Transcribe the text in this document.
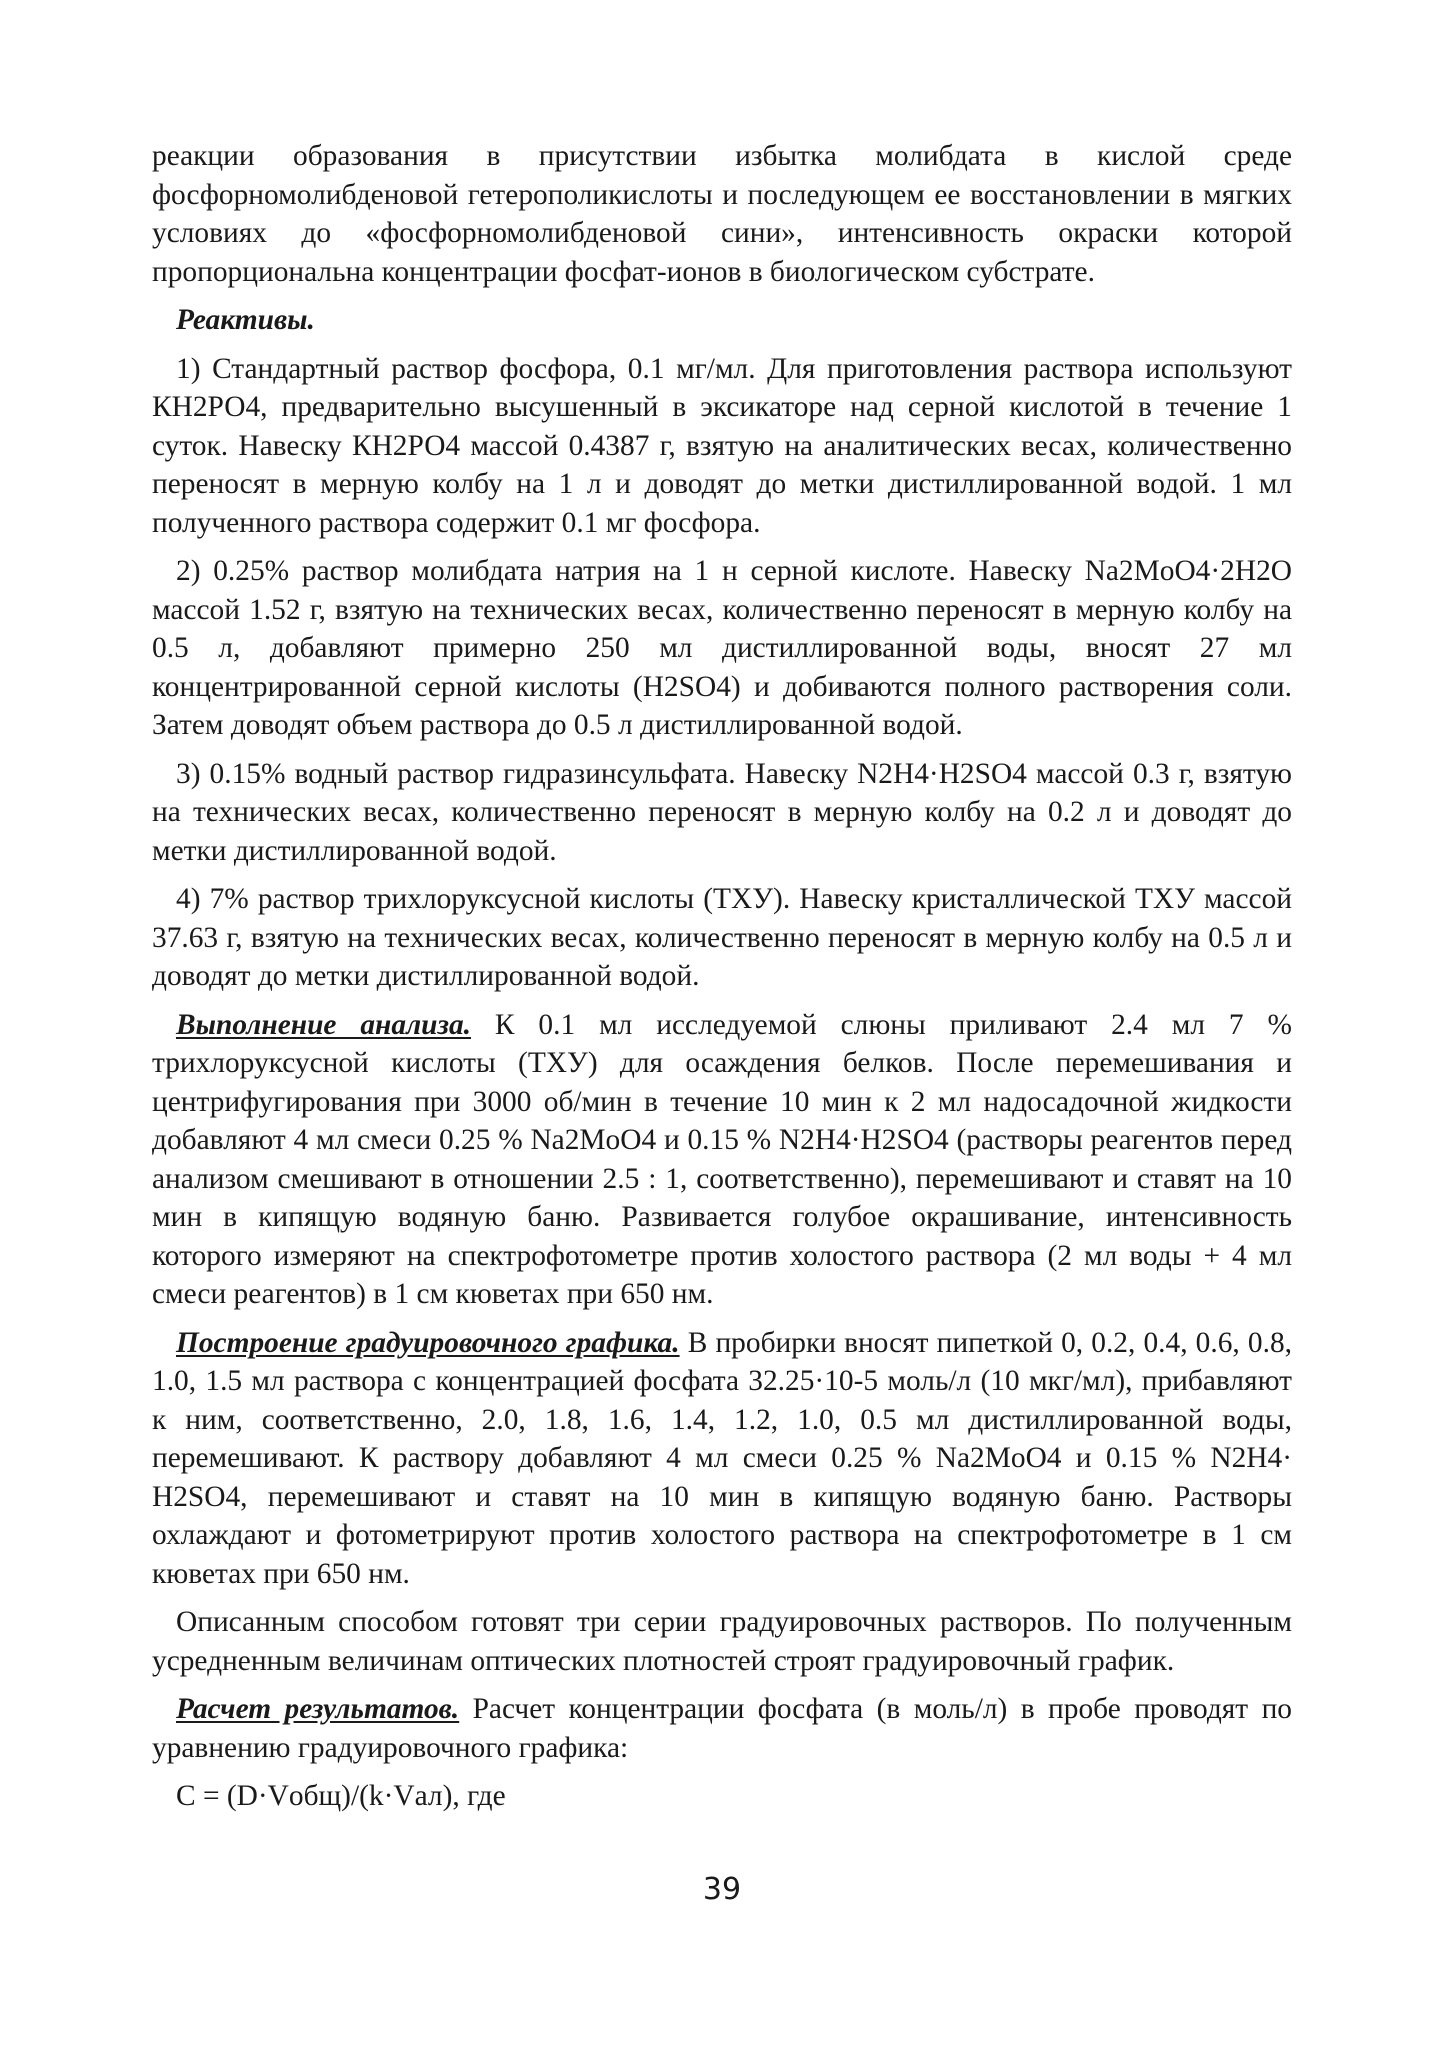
реакции образования в присутствии избытка молибдата в кислой среде фосфорномолибденовой гетерополикислоты и последующем ее восстановлении в мягких условиях до «фосфорномолибденовой сини», интенсивность окраски которой пропорциональна концентрации фосфат-ионов в биологическом субстрате.

Реактивы.

1) Стандартный раствор фосфора, 0.1 мг/мл. Для приготовления раствора используют КН2РО4, предварительно высушенный в эксикаторе над серной кислотой в течение 1 суток. Навеску КН2РО4 массой 0.4387 г, взятую на аналитических весах, количественно переносят в мерную колбу на 1 л и доводят до метки дистиллированной водой. 1 мл полученного раствора содержит 0.1 мг фосфора.

2) 0.25% раствор молибдата натрия на 1 н серной кислоте. Навеску Na2MoO4·2H2O массой 1.52 г, взятую на технических весах, количественно переносят в мерную колбу на 0.5 л, добавляют примерно 250 мл дистиллированной воды, вносят 27 мл концентрированной серной кислоты (H2SO4) и добиваются полного растворения соли. Затем доводят объем раствора до 0.5 л дистиллированной водой.

3) 0.15% водный раствор гидразинсульфата. Навеску N2H4·H2SO4 массой 0.3 г, взятую на технических весах, количественно переносят в мерную колбу на 0.2 л и доводят до метки дистиллированной водой.

4) 7% раствор трихлоруксусной кислоты (ТХУ). Навеску кристаллической ТХУ массой 37.63 г, взятую на технических весах, количественно переносят в мерную колбу на 0.5 л и доводят до метки дистиллированной водой.

Выполнение анализа. К 0.1 мл исследуемой слюны приливают 2.4 мл 7 % трихлоруксусной кислоты (ТХУ) для осаждения белков. После перемешивания и центрифугирования при 3000 об/мин в течение 10 мин к 2 мл надосадочной жидкости добавляют 4 мл смеси 0.25 % Na2MoO4 и 0.15 % N2H4·H2SO4 (растворы реагентов перед анализом смешивают в отношении 2.5 : 1, соответственно), перемешивают и ставят на 10 мин в кипящую водяную баню. Развивается голубое окрашивание, интенсивность которого измеряют на спектрофотометре против холостого раствора (2 мл воды + 4 мл смеси реагентов) в 1 см кюветах при 650 нм.

Построение градуировочного графика. В пробирки вносят пипеткой 0, 0.2, 0.4, 0.6, 0.8, 1.0, 1.5 мл раствора с концентрацией фосфата 32.25·10-5 моль/л (10 мкг/мл), прибавляют к ним, соответственно, 2.0, 1.8, 1.6, 1.4, 1.2, 1.0, 0.5 мл дистиллированной воды, перемешивают. К раствору добавляют 4 мл смеси 0.25 % Na2MoO4 и 0.15 % N2H4· H2SO4, перемешивают и ставят на 10 мин в кипящую водяную баню. Растворы охлаждают и фотометрируют против холостого раствора на спектрофотометре в 1 см кюветах при 650 нм.

Описанным способом готовят три серии градуировочных растворов. По полученным усредненным величинам оптических плотностей строят градуировочный график.

Расчет результатов. Расчет концентрации фосфата (в моль/л) в пробе проводят по уравнению градуировочного графика:

C = (D·Vобщ)/(k·Vал), где

39
